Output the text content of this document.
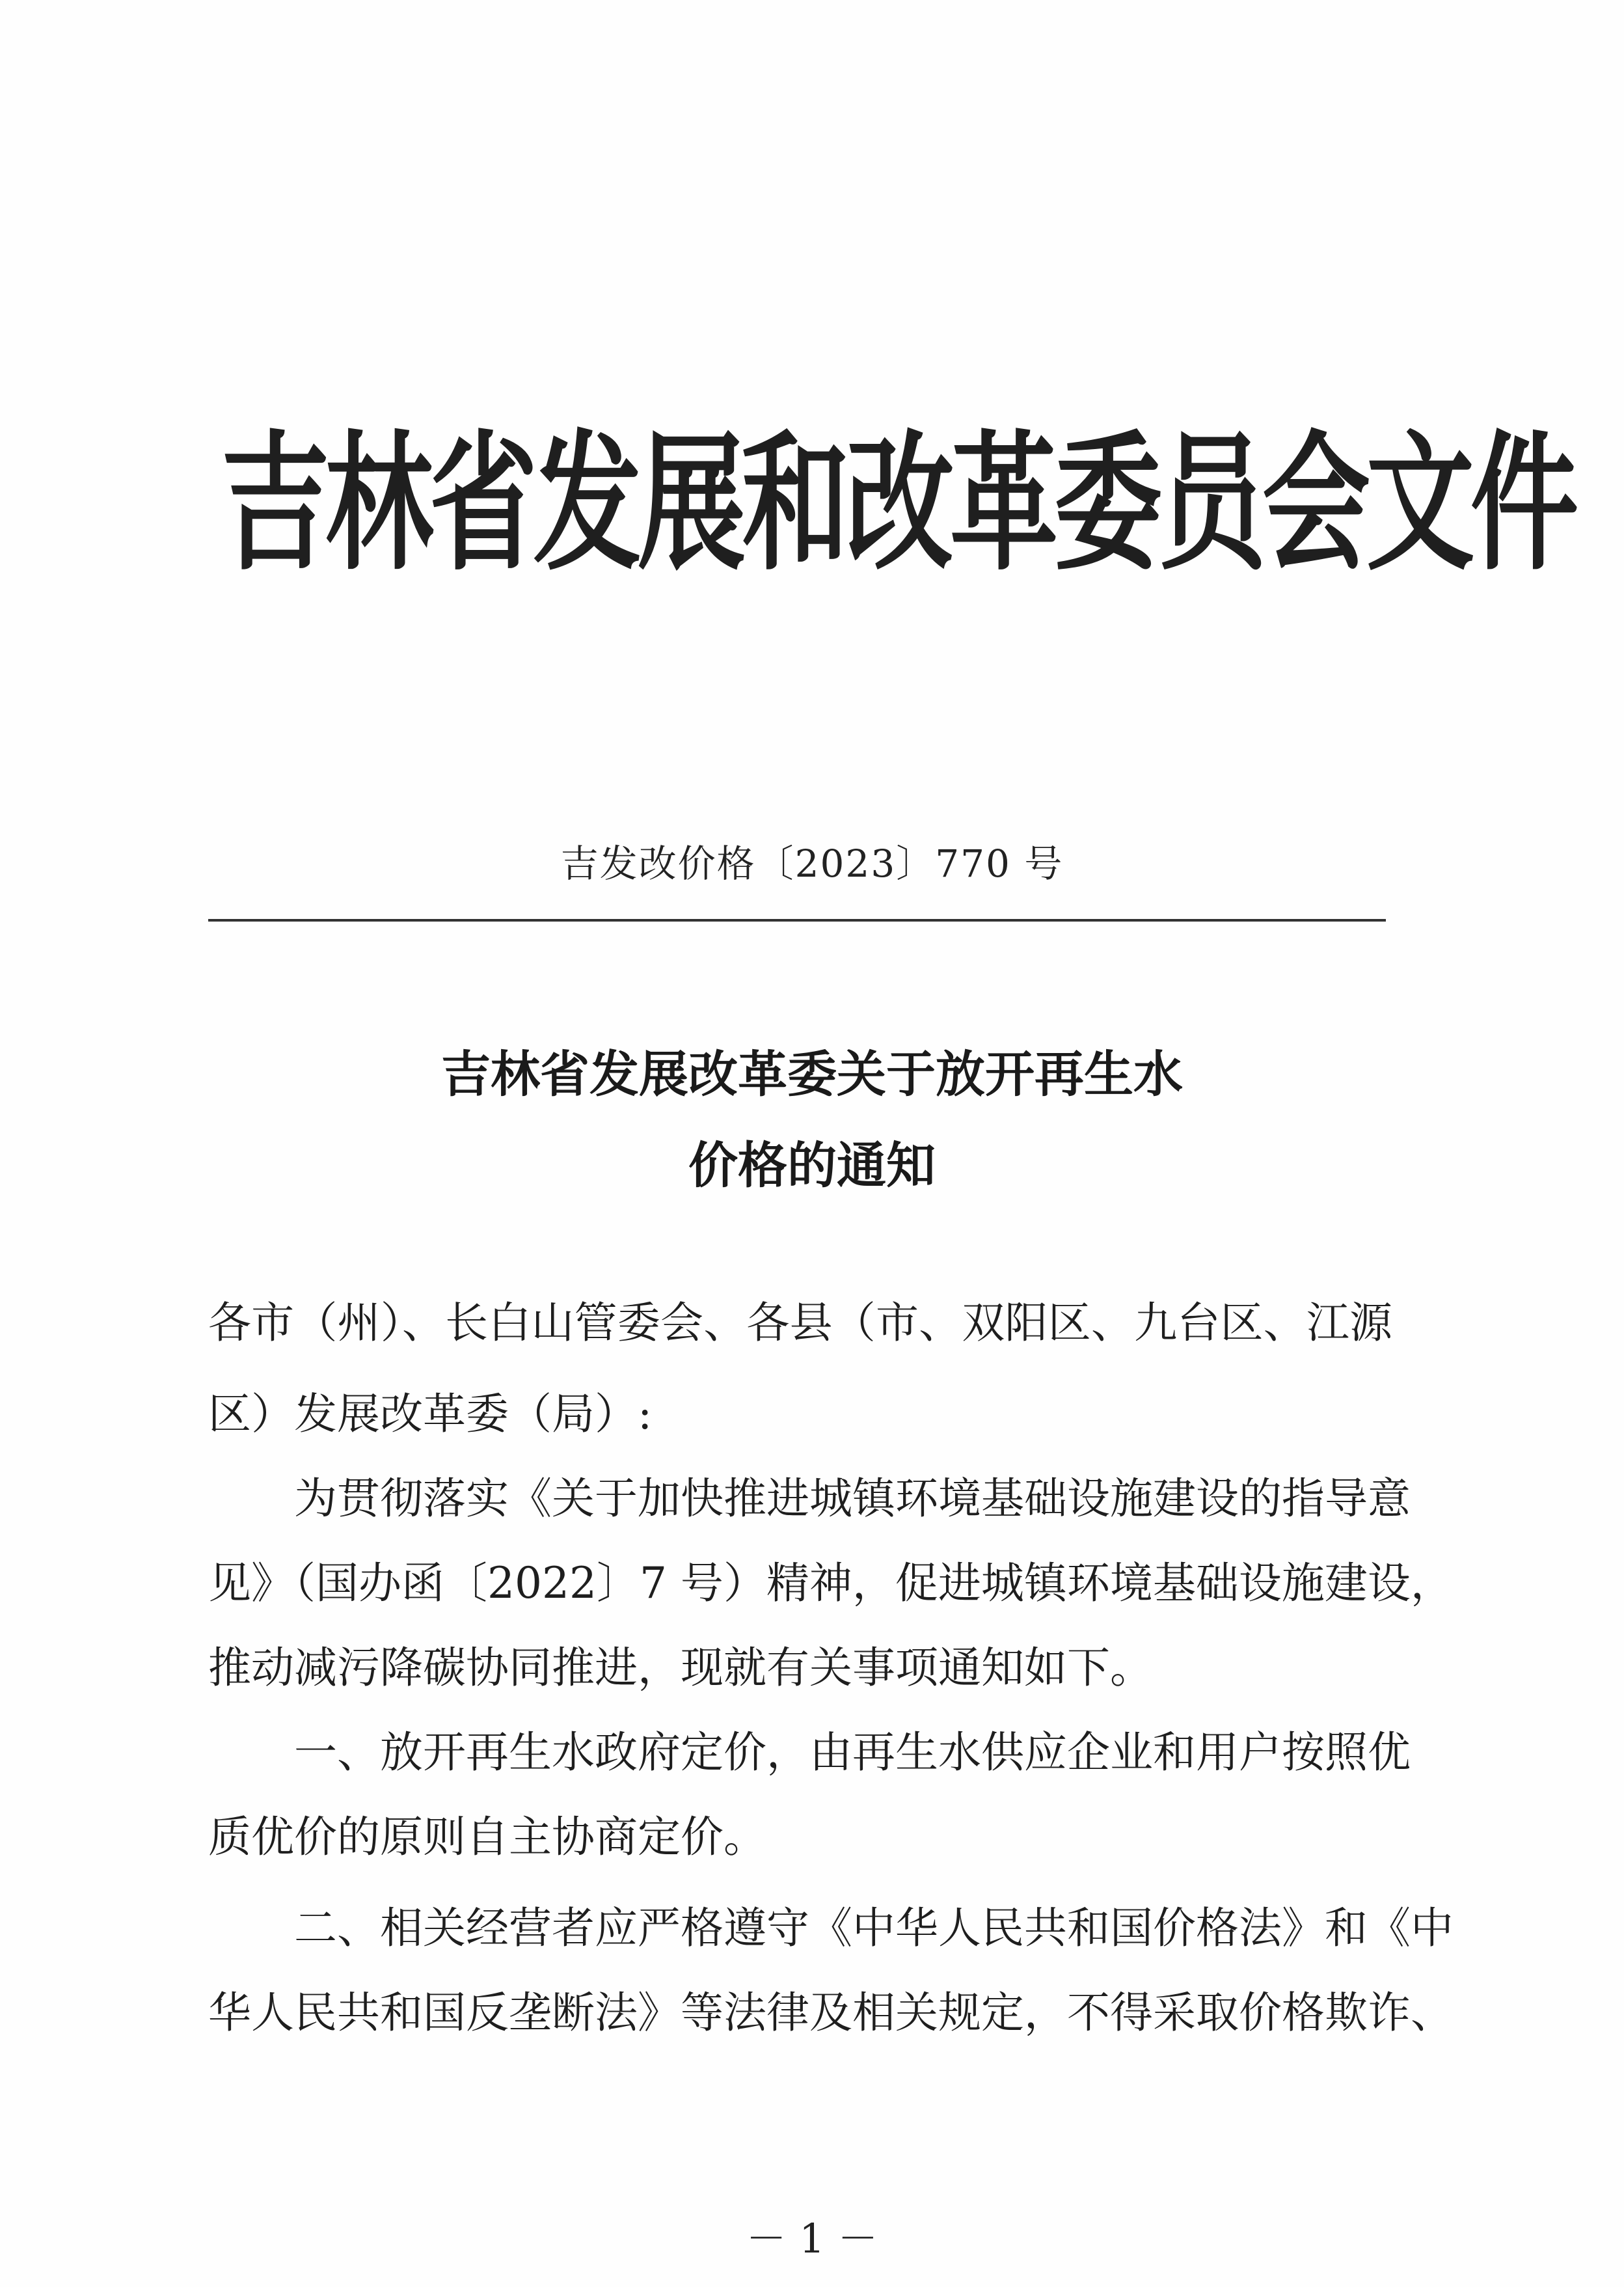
吉林省发展和改革委员会文件
吉发改价格〔2023〕770 号
吉林省发展改革委关于放开再生水
价格的通知
各市（州）、长白山管委会、各县（市、双阳区、九台区、江源
区）发展改革委（局）:
为贯彻落实《关于加快推进城镇环境基础设施建设的指导意
见》（国办函〔2022〕7 号）精神，促进城镇环境基础设施建设，
推动减污降碳协同推进，现就有关事项通知如下。
一、放开再生水政府定价，由再生水供应企业和用户按照优
质优价的原则自主协商定价。
二、相关经营者应严格遵守《中华人民共和国价格法》和《中
华人民共和国反垄断法》等法律及相关规定，不得采取价格欺诈、
－ 1 －
